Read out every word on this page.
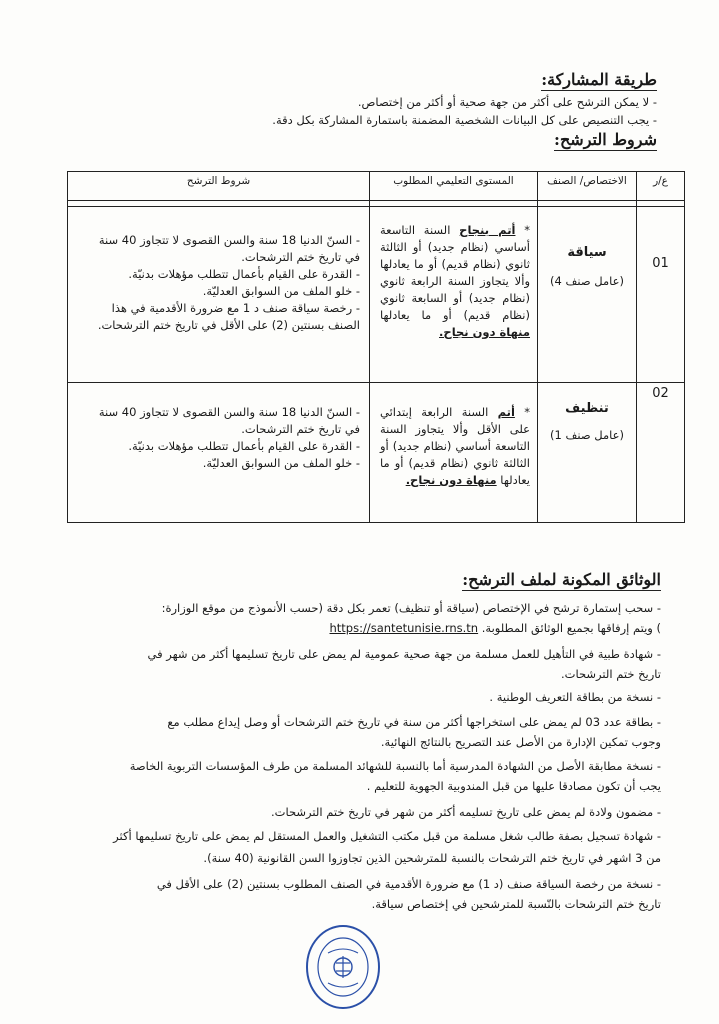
طريقة المشاركة:
- لا يمكن الترشح على أكثر من جهة صحية أو أكثر من إختصاص.
- يجب التنصيص على كل البيانات الشخصية المضمنة باستمارة المشاركة بكل دقة.
شروط الترشح:
ع/ر
الاختصاص/ الصنف
المستوى التعليمي المطلوب
شروط الترشح
01
سياقة
(عامل صنف 4)
* أتم بنجاح السنة التاسعة أساسي (نظام جديد) أو الثالثة ثانوي (نظام قديم) أو ما يعادلها وألا يتجاوز السنة الرابعة ثانوي (نظام جديد) أو السابعة ثانوي (نظام قديم) أو ما يعادلها منهاة دون نجاح.
- السنّ الدنيا 18 سنة والسن القصوى لا تتجاوز 40 سنة
في تاريخ ختم الترشحات.
- القدرة على القيام بأعمال تتطلب مؤهلات بدنيّة.
- خلو الملف من السوابق العدليّة.
- رخصة سياقة صنف د 1 مع ضرورة الأقدمية في هذا
الصنف بسنتين (2) على الأقل في تاريخ ختم الترشحات.
02
تنظيف
(عامل صنف 1)
* أتم السنة الرابعة إبتدائي على الأقل وألا يتجاوز السنة التاسعة أساسي (نظام جديد) أو الثالثة ثانوي (نظام قديم) أو ما يعادلها منهاة دون نجاح.
- السنّ الدنيا 18 سنة والسن القصوى لا تتجاوز 40 سنة
في تاريخ ختم الترشحات.
- القدرة على القيام بأعمال تتطلب مؤهلات بدنيّة.
- خلو الملف من السوابق العدليّة.
الوثائق المكونة لملف الترشح:
- سحب إستمارة ترشح في الإختصاص (سياقة أو تنظيف) تعمر بكل دقة (حسب الأنموذج من موقع الوزارة:
) ويتم إرفاقها بجميع الوثائق المطلوبة. https://santetunisie.rns.tn
- شهادة طبية في التأهيل للعمل مسلمة من جهة صحية عمومية لم يمض على تاريخ تسليمها أكثر من شهر في
تاريخ ختم الترشحات.
- نسخة من بطاقة التعريف الوطنية .
- بطاقة عدد 03 لم يمض على استخراجها أكثر من سنة في تاريخ ختم الترشحات أو وصل إيداع مطلب مع
وجوب تمكين الإدارة من الأصل عند التصريح بالنتائج النهائية.
- نسخة مطابقة الأصل من الشهادة المدرسية أما بالنسبة للشهائد المسلمة من طرف المؤسسات التربوية الخاصة
يجب أن تكون مصادقا عليها من قبل المندوبية الجهوية للتعليم .
- مضمون ولادة لم يمض على تاريخ تسليمه أكثر من شهر في تاريخ ختم الترشحات.
- شهادة تسجيل بصفة طالب شغل مسلمة من قبل مكتب التشغيل والعمل المستقل لم يمض على تاريخ تسليمها أكثر
من 3 اشهر في تاريخ ختم الترشحات بالنسبة للمترشحين الذين تجاوزوا السن القانونية (40 سنة).
- نسخة من رخصة السياقة صنف (د 1) مع ضرورة الأقدمية في الصنف المطلوب بسنتين (2) على الأقل في
تاريخ ختم الترشحات بالنّسبة للمترشحين في إختصاص سياقة.
